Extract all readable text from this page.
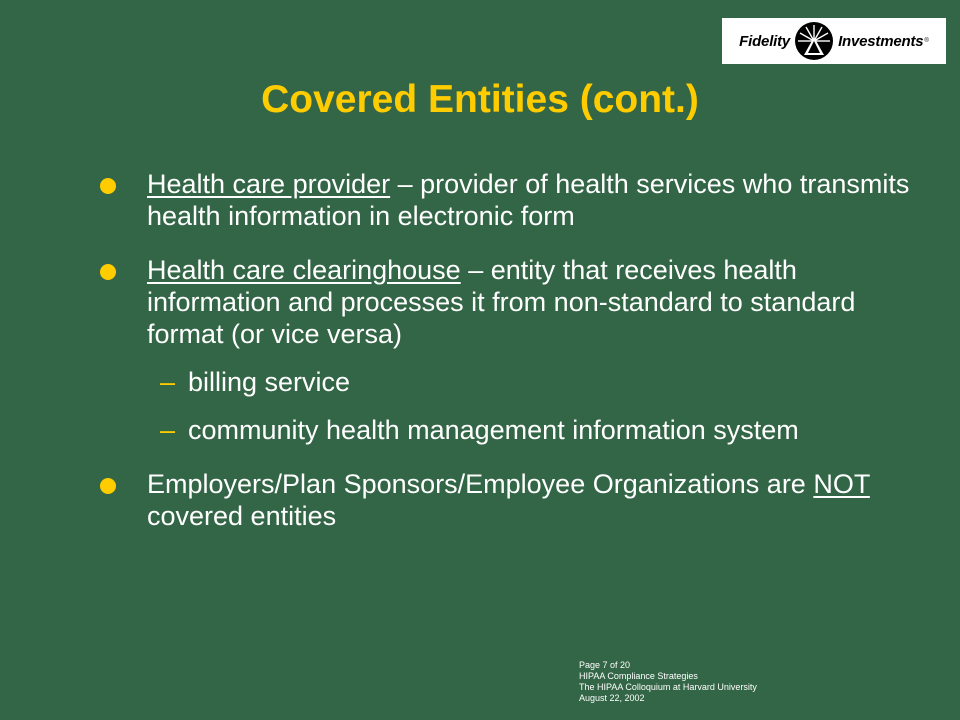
Fidelity	Investments ®
Covered Entities (cont.)
Health care provider – provider of health services who transmits health information in electronic form
Health care clearinghouse – entity that receives health information and processes it from non-standard to standard format (or vice versa)
– billing service
– community health management information system
Employers/Plan Sponsors/Employee Organizations are NOT covered entities
Page 7 of 20
HIPAA Compliance Strategies
The HIPAA Colloquium at Harvard University
August 22, 2002
